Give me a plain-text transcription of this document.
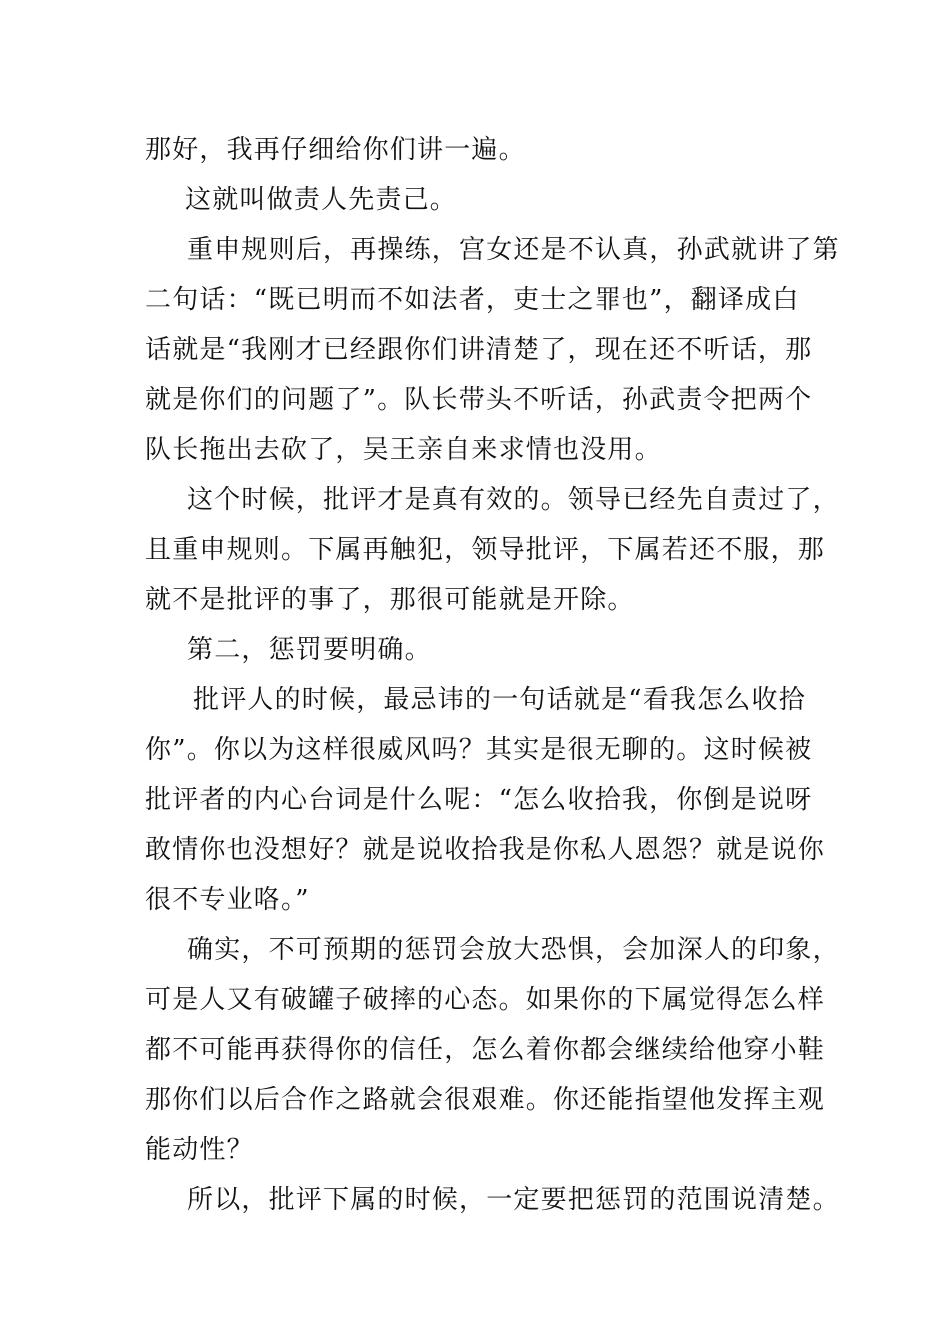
那好，我再仔细给你们讲一遍。
这就叫做责人先责己。
重申规则后，再操练，宫女还是不认真，孙武就讲了第
二句话：“既已明而不如法者，吏士之罪也”，翻译成白
话就是“我刚才已经跟你们讲清楚了，现在还不听话，那
就是你们的问题了”。队长带头不听话，孙武责令把两个
队长拖出去砍了，吴王亲自来求情也没用。
这个时候，批评才是真有效的。领导已经先自责过了，
且重申规则。下属再触犯，领导批评，下属若还不服，那
就不是批评的事了，那很可能就是开除。
第二，惩罚要明确。
批评人的时候，最忌讳的一句话就是“看我怎么收拾
你”。你以为这样很威风吗？其实是很无聊的。这时候被
批评者的内心台词是什么呢：“怎么收拾我，你倒是说呀
敢情你也没想好？就是说收拾我是你私人恩怨？就是说你
很不专业咯。”
确实，不可预期的惩罚会放大恐惧，会加深人的印象，
可是人又有破罐子破摔的心态。如果你的下属觉得怎么样
都不可能再获得你的信任，怎么着你都会继续给他穿小鞋
那你们以后合作之路就会很艰难。你还能指望他发挥主观
能动性？
所以，批评下属的时候，一定要把惩罚的范围说清楚。
